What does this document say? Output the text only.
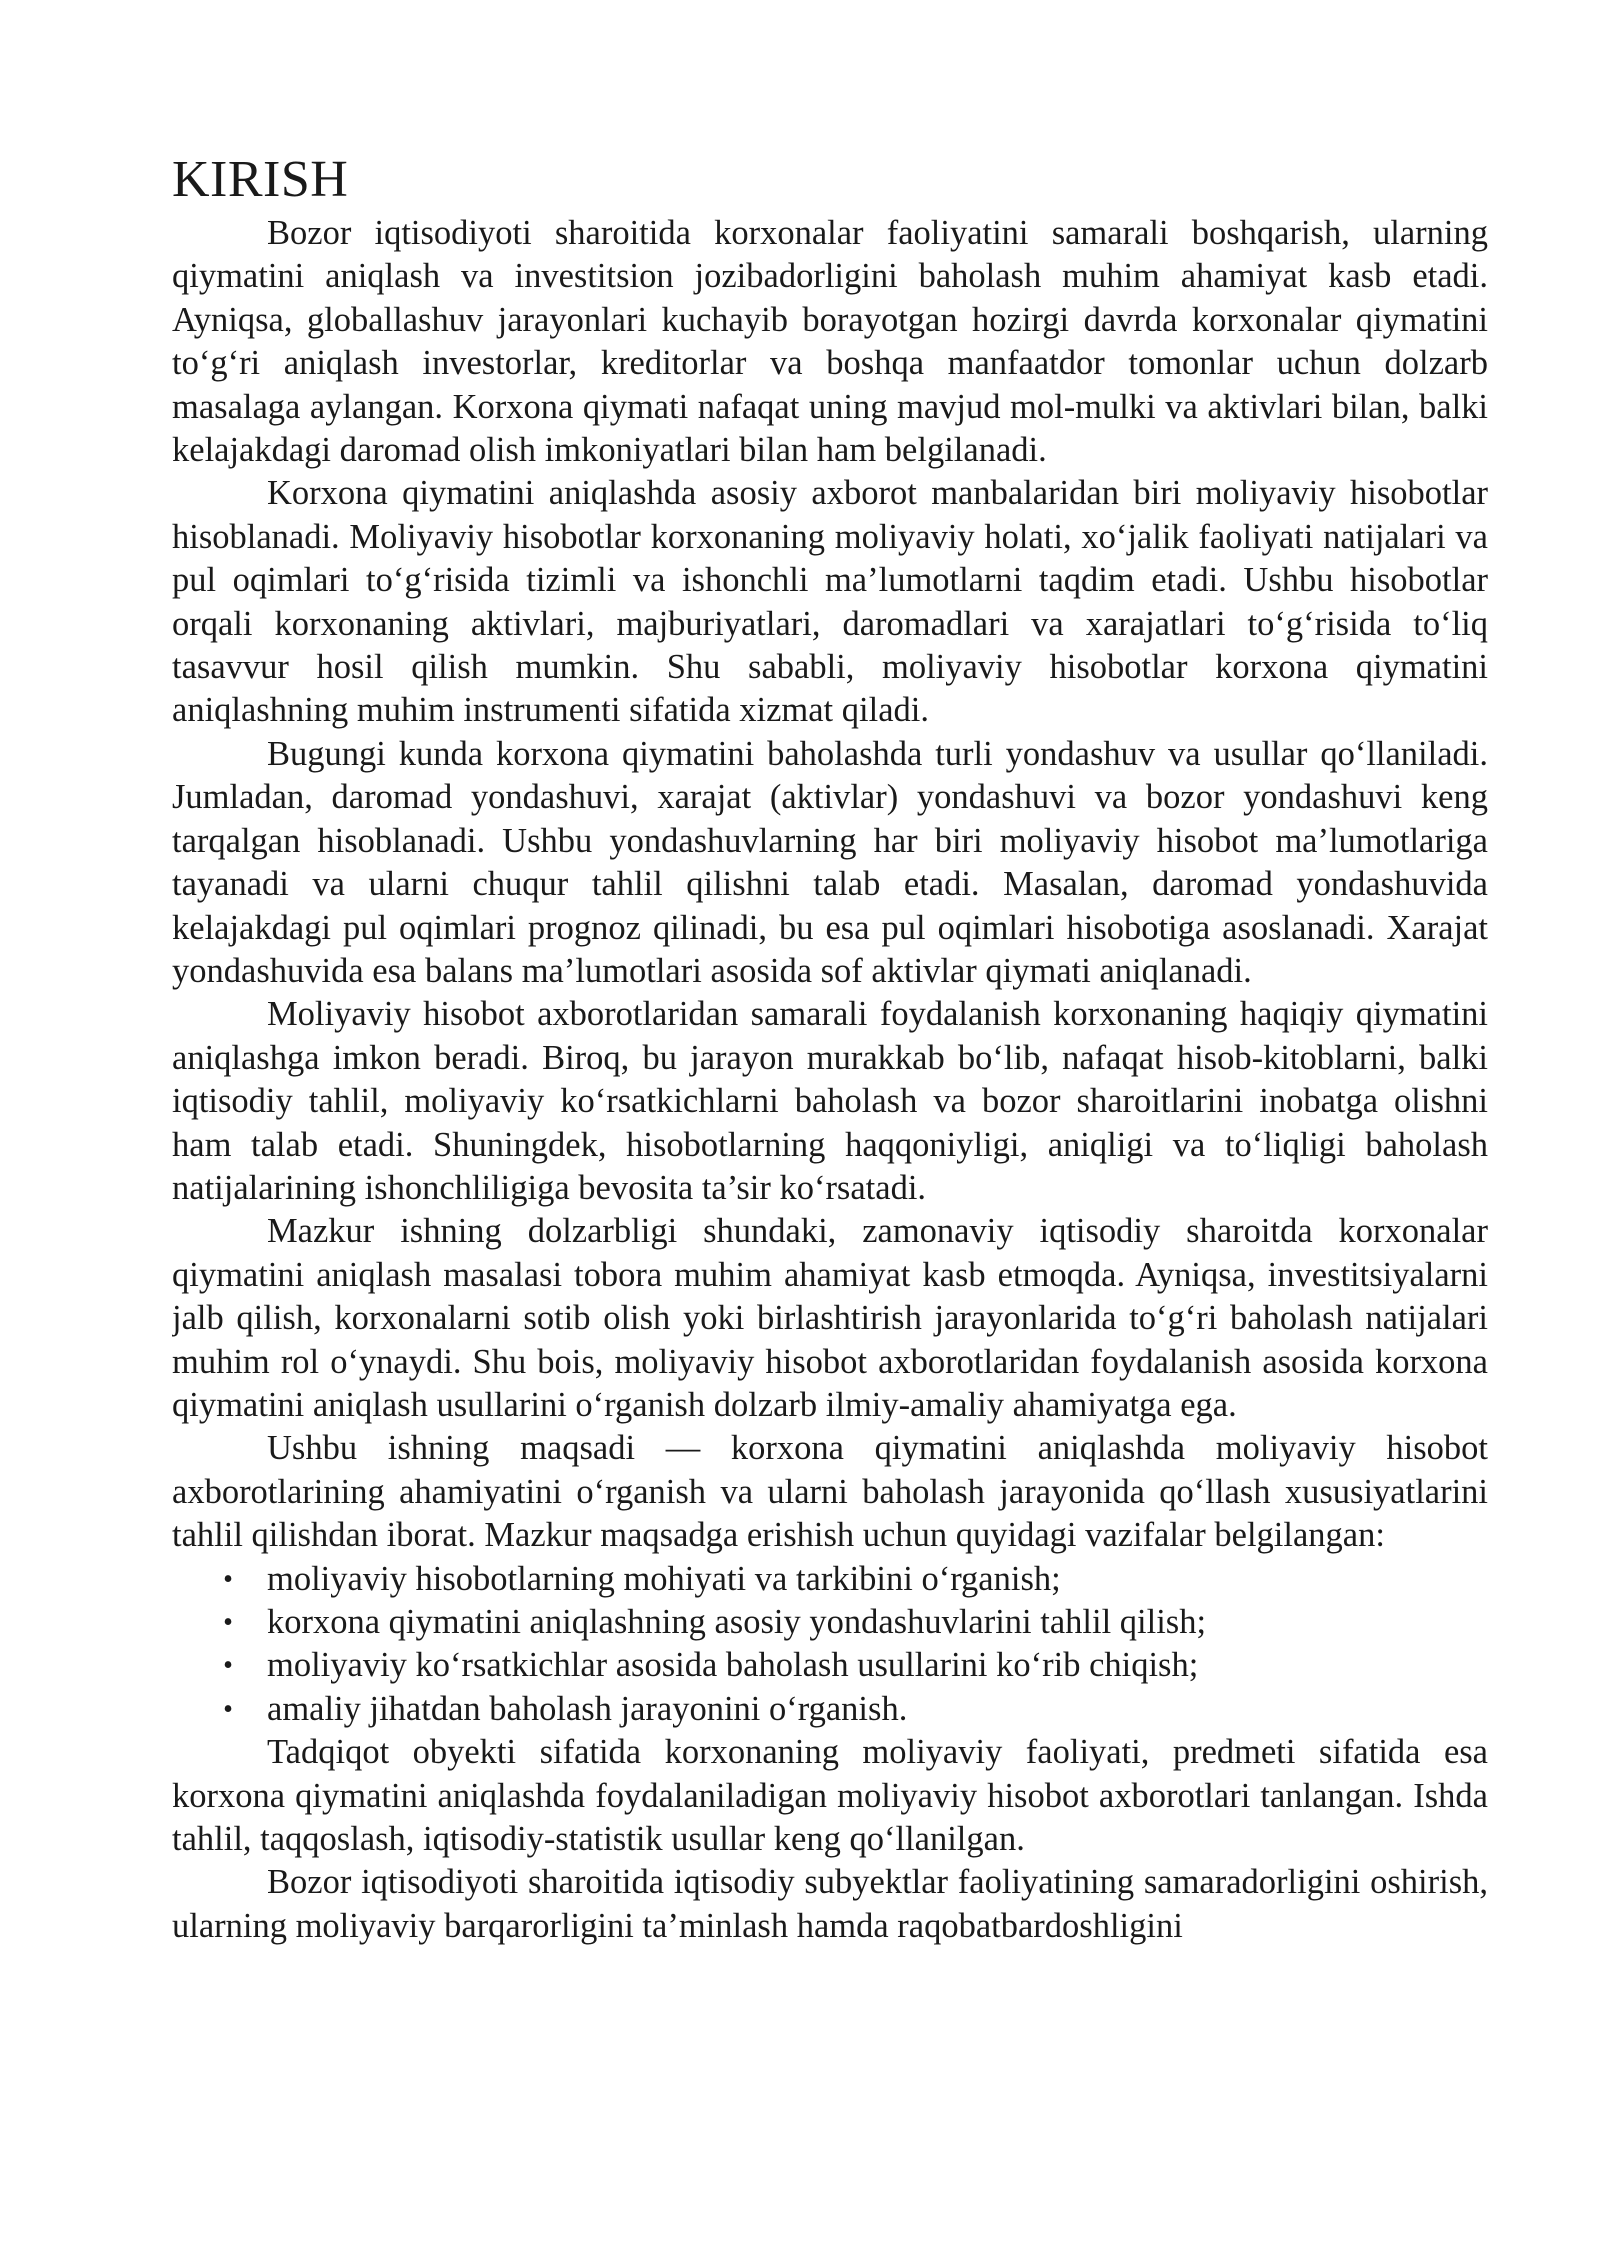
KIRISH

Bozor iqtisodiyoti sharoitida korxonalar faoliyatini samarali boshqarish, ularning qiymatini aniqlash va investitsion jozibadorligini baholash muhim ahamiyat kasb etadi. Ayniqsa, globallashuv jarayonlari kuchayib borayotgan hozirgi davrda korxonalar qiymatini to‘g‘ri aniqlash investorlar, kreditorlar va boshqa manfaatdor tomonlar uchun dolzarb masalaga aylangan. Korxona qiymati nafaqat uning mavjud mol-mulki va aktivlari bilan, balki kelajakdagi daromad olish imkoniyatlari bilan ham belgilanadi.

Korxona qiymatini aniqlashda asosiy axborot manbalaridan biri moliyaviy hisobotlar hisoblanadi. Moliyaviy hisobotlar korxonaning moliyaviy holati, xo‘jalik faoliyati natijalari va pul oqimlari to‘g‘risida tizimli va ishonchli ma’lumotlarni taqdim etadi. Ushbu hisobotlar orqali korxonaning aktivlari, majburiyatlari, daromadlari va xarajatlari to‘g‘risida to‘liq tasavvur hosil qilish mumkin. Shu sababli, moliyaviy hisobotlar korxona qiymatini aniqlashning muhim instrumenti sifatida xizmat qiladi.

Bugungi kunda korxona qiymatini baholashda turli yondashuv va usullar qo‘llaniladi. Jumladan, daromad yondashuvi, xarajat (aktivlar) yondashuvi va bozor yondashuvi keng tarqalgan hisoblanadi. Ushbu yondashuvlarning har biri moliyaviy hisobot ma’lumotlariga tayanadi va ularni chuqur tahlil qilishni talab etadi. Masalan, daromad yondashuvida kelajakdagi pul oqimlari prognoz qilinadi, bu esa pul oqimlari hisobotiga asoslanadi. Xarajat yondashuvida esa balans ma’lumotlari asosida sof aktivlar qiymati aniqlanadi.

Moliyaviy hisobot axborotlaridan samarali foydalanish korxonaning haqiqiy qiymatini aniqlashga imkon beradi. Biroq, bu jarayon murakkab bo‘lib, nafaqat hisob-kitoblarni, balki iqtisodiy tahlil, moliyaviy ko‘rsatkichlarni baholash va bozor sharoitlarini inobatga olishni ham talab etadi. Shuningdek, hisobotlarning haqqoniyligi, aniqligi va to‘liqligi baholash natijalarining ishonchliligiga bevosita ta’sir ko‘rsatadi.

Mazkur ishning dolzarbligi shundaki, zamonaviy iqtisodiy sharoitda korxonalar qiymatini aniqlash masalasi tobora muhim ahamiyat kasb etmoqda. Ayniqsa, investitsiyalarni jalb qilish, korxonalarni sotib olish yoki birlashtirish jarayonlarida to‘g‘ri baholash natijalari muhim rol o‘ynaydi. Shu bois, moliyaviy hisobot axborotlaridan foydalanish asosida korxona qiymatini aniqlash usullarini o‘rganish dolzarb ilmiy-amaliy ahamiyatga ega.

Ushbu ishning maqsadi — korxona qiymatini aniqlashda moliyaviy hisobot axborotlarining ahamiyatini o‘rganish va ularni baholash jarayonida qo‘llash xususiyatlarini tahlil qilishdan iborat. Mazkur maqsadga erishish uchun quyidagi vazifalar belgilangan:

• moliyaviy hisobotlarning mohiyati va tarkibini o‘rganish;
• korxona qiymatini aniqlashning asosiy yondashuvlarini tahlil qilish;
• moliyaviy ko‘rsatkichlar asosida baholash usullarini ko‘rib chiqish;
• amaliy jihatdan baholash jarayonini o‘rganish.

Tadqiqot obyekti sifatida korxonaning moliyaviy faoliyati, predmeti sifatida esa korxona qiymatini aniqlashda foydalaniladigan moliyaviy hisobot axborotlari tanlangan. Ishda tahlil, taqqoslash, iqtisodiy-statistik usullar keng qo‘llanilgan.

Bozor iqtisodiyoti sharoitida iqtisodiy subyektlar faoliyatining samaradorligini oshirish, ularning moliyaviy barqarorligini ta’minlash hamda raqobatbardoshligini
